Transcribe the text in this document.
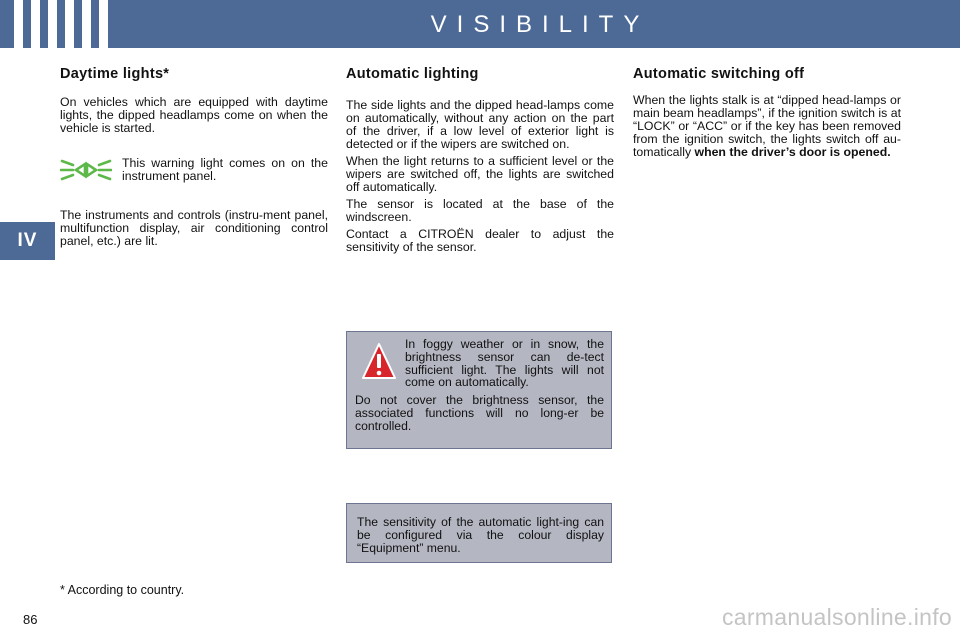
VISIBILITY
IV
Daytime lights*

On vehicles which are equipped with daytime lights, the dipped headlamps come on when the vehicle is started.

This warning light comes on on the instrument panel.

The instruments and controls (instru-ment panel, multifunction display, air conditioning control panel, etc.) are lit.

Automatic lighting

The side lights and the dipped head-lamps come on automatically, without any action on the part of the driver, if a low level of exterior light is detected or if the wipers are switched on.

When the light returns to a sufficient level or the wipers are switched off, the lights are switched off automatically.

The sensor is located at the base of the windscreen.

Contact a CITROËN dealer to adjust the sensitivity of the sensor.

In foggy weather or in snow, the brightness sensor can de-tect sufficient light. The lights will not come on automatically.

Do not cover the brightness sensor, the associated functions will no long-er be controlled.

The sensitivity of the automatic light-ing can be configured via the colour display “Equipment” menu.

Automatic switching off

When the lights stalk is at “dipped head-lamps or main beam headlamps”, if the ignition switch is at “LOCK” or “ACC” or if the key has been removed from the ignition switch, the lights switch off au-tomatically when the driver’s door is opened.

* According to country.
86	carmanualsonline.info
